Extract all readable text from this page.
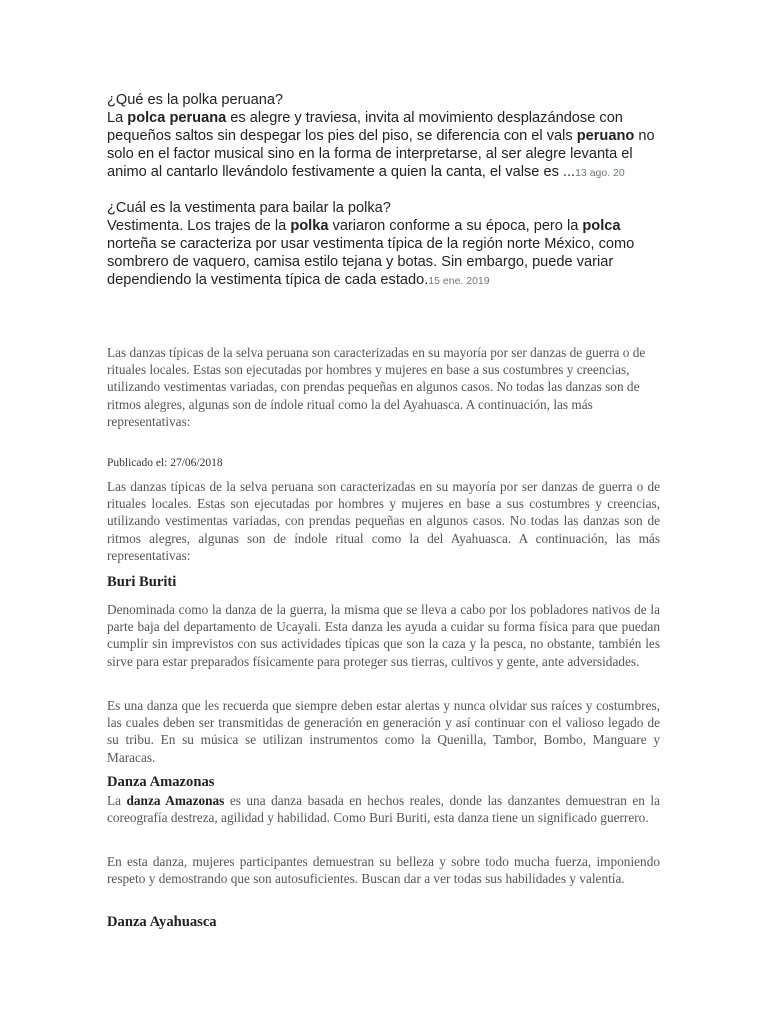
¿Qué es la polka peruana?
La polca peruana es alegre y traviesa, invita al movimiento desplazándose con pequeños saltos sin despegar los pies del piso, se diferencia con el vals peruano no solo en el factor musical sino en la forma de interpretarse, al ser alegre levanta el animo al cantarlo llevándolo festivamente a quien la canta, el valse es ...13 ago. 20
¿Cuál es la vestimenta para bailar la polka?
Vestimenta. Los trajes de la polka variaron conforme a su época, pero la polca norteña se caracteriza por usar vestimenta típica de la región norte México, como sombrero de vaquero, camisa estilo tejana y botas. Sin embargo, puede variar dependiendo la vestimenta típica de cada estado.15 ene. 2019
Las danzas típicas de la selva peruana son caracterizadas en su mayoría por ser danzas de guerra o de rituales locales. Estas son ejecutadas por hombres y mujeres en base a sus costumbres y creencias, utilizando vestimentas variadas, con prendas pequeñas en algunos casos. No todas las danzas son de ritmos alegres, algunas son de índole ritual como la del Ayahuasca. A continuación, las más representativas:
Publicado el: 27/06/2018
Las danzas típicas de la selva peruana son caracterizadas en su mayoría por ser danzas de guerra o de rituales locales. Estas son ejecutadas por hombres y mujeres en base a sus costumbres y creencias, utilizando vestimentas variadas, con prendas pequeñas en algunos casos. No todas las danzas son de ritmos alegres, algunas son de índole ritual como la del Ayahuasca. A continuación, las más representativas:
Buri Buriti
Denominada como la danza de la guerra, la misma que se lleva a cabo por los pobladores nativos de la parte baja del departamento de Ucayali. Esta danza les ayuda a cuidar su forma física para que puedan cumplir sin imprevistos con sus actividades típicas que son la caza y la pesca, no obstante, también les sirve para estar preparados físicamente para proteger sus tierras, cultivos y gente, ante adversidades.
Es una danza que les recuerda que siempre deben estar alertas y nunca olvidar sus raíces y costumbres, las cuales deben ser transmitidas de generación en generación y así continuar con el valioso legado de su tribu. En su música se utilizan instrumentos como la Quenilla, Tambor, Bombo, Manguare y Maracas.
Danza Amazonas
La danza Amazonas es una danza basada en hechos reales, donde las danzantes demuestran en la coreografía destreza, agilidad y habilidad. Como Buri Buriti, esta danza tiene un significado guerrero.
En esta danza, mujeres participantes demuestran su belleza y sobre todo mucha fuerza, imponiendo respeto y demostrando que son autosuficientes. Buscan dar a ver todas sus habilidades y valentía.
Danza Ayahuasca
